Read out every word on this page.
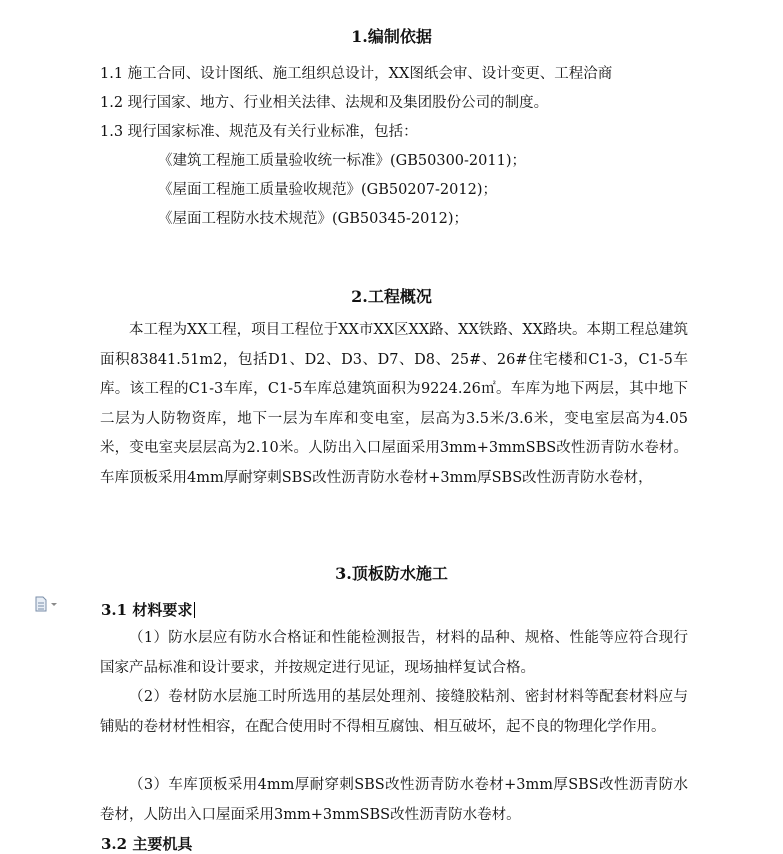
1.编制依据
1.1 施工合同、设计图纸、施工组织总设计，XX图纸会审、设计变更、工程洽商
1.2 现行国家、地方、行业相关法律、法规和及集团股份公司的制度。
1.3 现行国家标准、规范及有关行业标准，包括：
《建筑工程施工质量验收统一标准》(GB50300-2011)；
《屋面工程施工质量验收规范》(GB50207-2012)；
《屋面工程防水技术规范》(GB50345-2012)；
2.工程概况

本工程为XX工程，项目工程位于XX市XX区XX路、XX铁路、XX路块。本期工程总建筑面积83841.51m2，包括D1、D2、D3、D7、D8、25#、26#住宅楼和C1-3，C1-5车库。该工程的C1-3车库，C1-5车库总建筑面积为9224.26㎡。车库为地下两层，其中地下二层为人防物资库，地下一层为车库和变电室，层高为3.5米/3.6米，变电室层高为4.05米，变电室夹层层高为2.10米。人防出入口屋面采用3mm+3mmSBS改性沥青防水卷材。车库顶板采用4mm厚耐穿刺SBS改性沥青防水卷材+3mm厚SBS改性沥青防水卷材，

3.顶板防水施工
3.1 材料要求

（1）防水层应有防水合格证和性能检测报告，材料的品种、规格、性能等应符合现行国家产品标准和设计要求，并按规定进行见证，现场抽样复试合格。

（2）卷材防水层施工时所选用的基层处理剂、接缝胶粘剂、密封材料等配套材料应与铺贴的卷材材性相容，在配合使用时不得相互腐蚀、相互破坏，起不良的物理化学作用。

（3）车库顶板采用4mm厚耐穿刺SBS改性沥青防水卷材+3mm厚SBS改性沥青防水卷材，人防出入口屋面采用3mm+3mmSBS改性沥青防水卷材。

3.2 主要机具
